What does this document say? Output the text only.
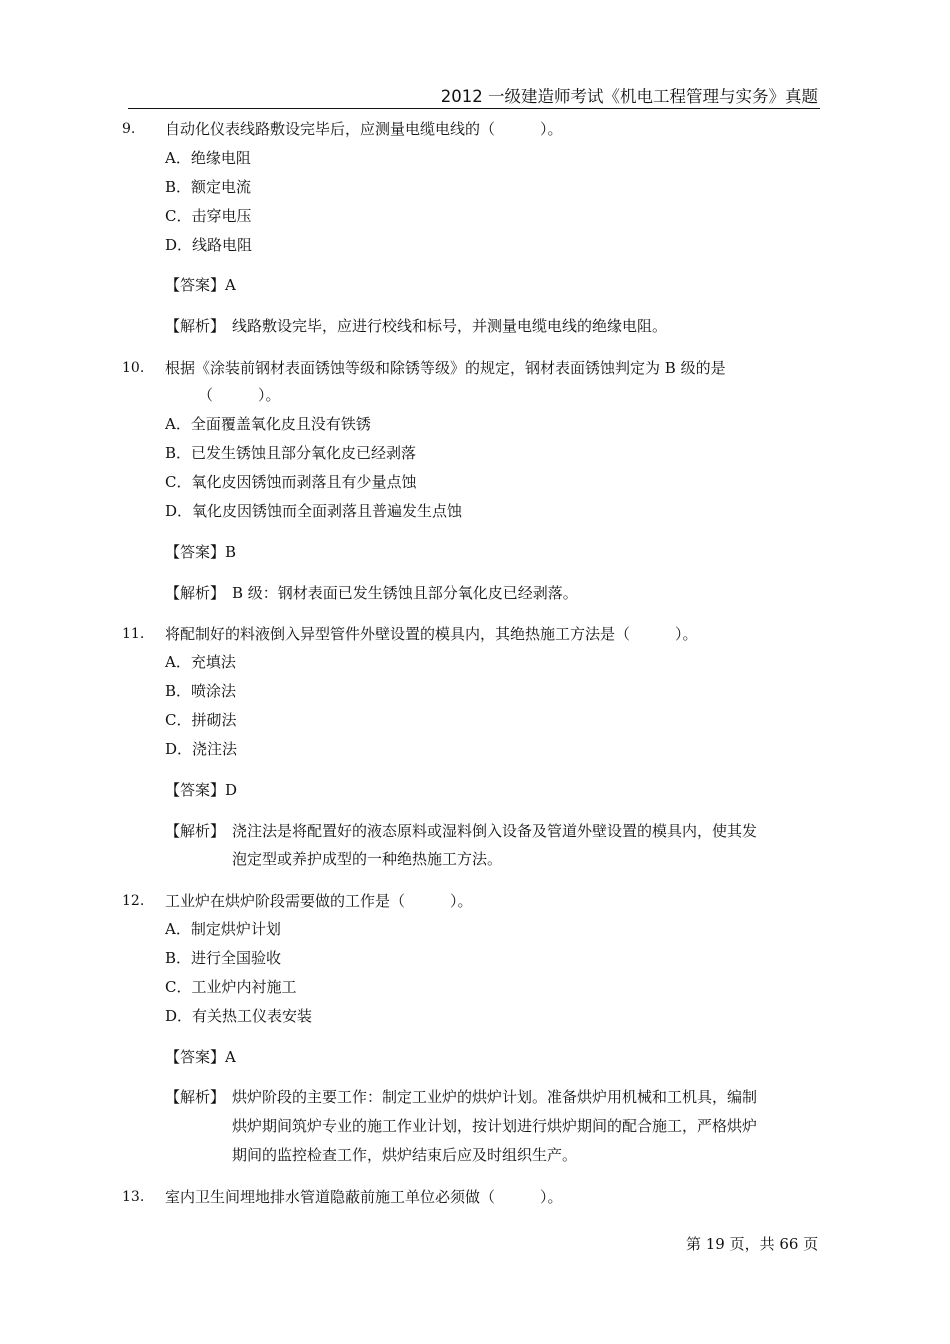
2012 一级建造师考试《机电工程管理与实务》真题
9. 自动化仪表线路敷设完毕后，应测量电缆电线的（　　　）。
A．绝缘电阻
B．额定电流
C．击穿电压
D．线路电阻
【答案】A
【解析】 线路敷设完毕，应进行校线和标号，并测量电缆电线的绝缘电阻。
10. 根据《涂装前钢材表面锈蚀等级和除锈等级》的规定，钢材表面锈蚀判定为 B 级的是
（　　　）。
A．全面覆盖氧化皮且没有铁锈
B．已发生锈蚀且部分氧化皮已经剥落
C．氧化皮因锈蚀而剥落且有少量点蚀
D．氧化皮因锈蚀而全面剥落且普遍发生点蚀
【答案】B
【解析】 B 级：钢材表面已发生锈蚀且部分氧化皮已经剥落。
11. 将配制好的料液倒入异型管件外壁设置的模具内，其绝热施工方法是（　　　）。
A．充填法
B．喷涂法
C．拼砌法
D．浇注法
【答案】D
【解析】 浇注法是将配置好的液态原料或湿料倒入设备及管道外壁设置的模具内，使其发
泡定型或养护成型的一种绝热施工方法。
12. 工业炉在烘炉阶段需要做的工作是（　　　）。
A．制定烘炉计划
B．进行全国验收
C．工业炉内衬施工
D．有关热工仪表安装
【答案】A
【解析】 烘炉阶段的主要工作：制定工业炉的烘炉计划。准备烘炉用机械和工机具，编制
烘炉期间筑炉专业的施工作业计划，按计划进行烘炉期间的配合施工，严格烘炉
期间的监控检查工作，烘炉结束后应及时组织生产。
13. 室内卫生间埋地排水管道隐蔽前施工单位必须做（　　　）。
第 19 页，共 66 页
